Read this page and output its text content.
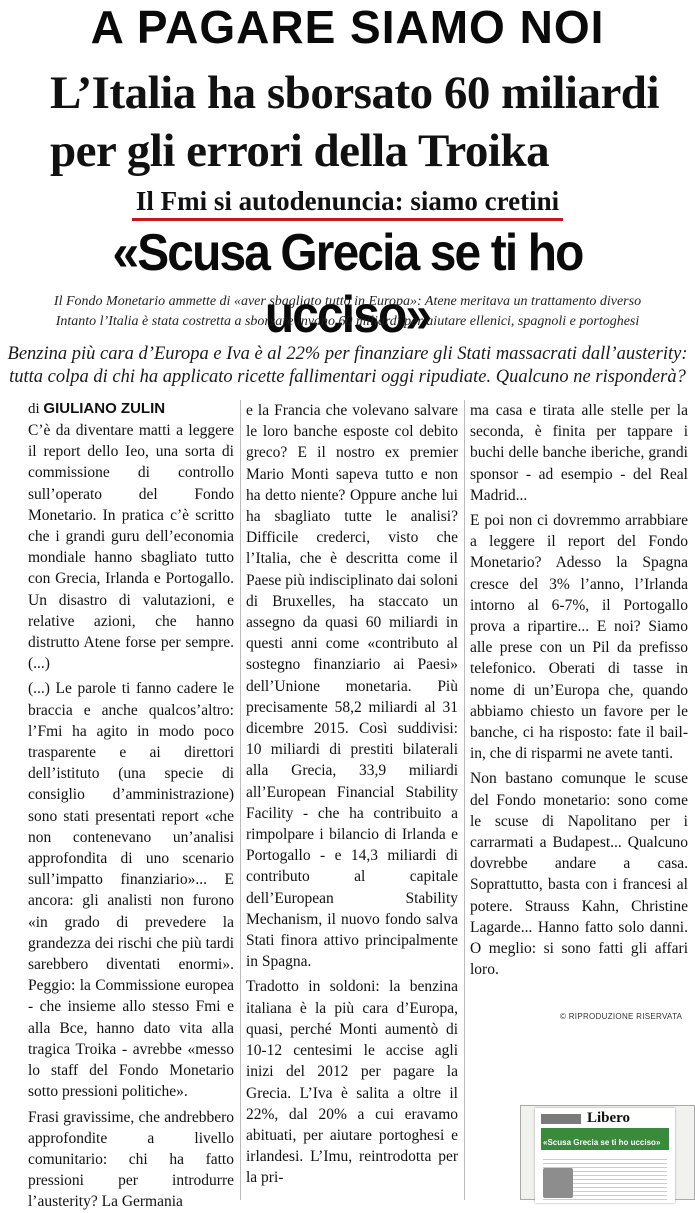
A PAGARE SIAMO NOI
L’Italia ha sborsato 60 miliardi
per gli errori della Troika
Il Fmi si autodenuncia: siamo cretini
«Scusa Grecia se ti ho ucciso»
Il Fondo Monetario ammette di «aver sbagliato tutto in Europa»: Atene meritava un trattamento diverso
Intanto l’Italia è stata costretta a sborsare invano 60 miliardi per aiutare ellenici, spagnoli e portoghesi
Benzina più cara d’Europa e Iva è al 22% per finanziare gli Stati massacrati dall’austerity:
tutta colpa di chi ha applicato ricette fallimentari oggi ripudiate. Qualcuno ne risponderà?
di GIULIANO ZULIN

C’è da diventare matti a leggere il report dello Ieo, una sorta di commissione di controllo sull’operato del Fondo Monetario. In pratica c’è scritto che i grandi guru dell’economia mondiale hanno sbagliato tutto con Grecia, Irlanda e Portogallo. Un disastro di valutazioni, e relative azioni, che hanno distrutto Atene forse per sempre. (...)

(...) Le parole ti fanno cadere le braccia e anche qualcos’altro: l’Fmi ha agito in modo poco trasparente e ai direttori dell’istituto (una specie di consiglio d’amministrazione) sono stati presentati report «che non contenevano un’analisi approfondita di uno scenario sull’impatto finanziario»... E ancora: gli analisti non furono «in grado di prevedere la grandezza dei rischi che più tardi sarebbero diventati enormi». Peggio: la Commissione europea - che insieme allo stesso Fmi e alla Bce, hanno dato vita alla tragica Troika - avrebbe «messo lo staff del Fondo Monetario sotto pressioni politiche».

Frasi gravissime, che andrebbero approfondite a livello comunitario: chi ha fatto pressioni per introdurre l’austerity? La Germania

e la Francia che volevano salvare le loro banche esposte col debito greco? E il nostro ex premier Mario Monti sapeva tutto e non ha detto niente? Oppure anche lui ha sbagliato tutte le analisi? Difficile crederci, visto che l’Italia, che è descritta come il Paese più indisciplinato dai soloni di Bruxelles, ha staccato un assegno da quasi 60 miliardi in questi anni come «contributo al sostegno finanziario ai Paesi» dell’Unione monetaria. Più precisamente 58,2 miliardi al 31 dicembre 2015. Così suddivisi: 10 miliardi di prestiti bilaterali alla Grecia, 33,9 miliardi all’European Financial Stability Facility - che ha contribuito a rimpolpare i bilancio di Irlanda e Portogallo - e 14,3 miliardi di contributo al capitale dell’European Stability Mechanism, il nuovo fondo salva Stati finora attivo principalmente in Spagna.

Tradotto in soldoni: la benzina italiana è la più cara d’Europa, quasi, perché Monti aumentò di 10-12 centesimi le accise agli inizi del 2012 per pagare la Grecia. L’Iva è salita a oltre il 22%, dal 20% a cui eravamo abituati, per aiutare portoghesi e irlandesi. L’Imu, reintrodotta per la pri-

ma casa e tirata alle stelle per la seconda, è finita per tappare i buchi delle banche iberiche, grandi sponsor - ad esempio - del Real Madrid...

E poi non ci dovremmo arrabbiare a leggere il report del Fondo Monetario? Adesso la Spagna cresce del 3% l’anno, l’Irlanda intorno al 6-7%, il Portogallo prova a ripartire... E noi? Siamo alle prese con un Pil da prefisso telefonico. Oberati di tasse in nome di un’Europa che, quando abbiamo chiesto un favore per le banche, ci ha risposto: fate il bail-in, che di risparmi ne avete tanti.

Non bastano comunque le scuse del Fondo monetario: sono come le scuse di Napolitano per i carrarmati a Budapest... Qualcuno dovrebbe andare a casa. Soprattutto, basta con i francesi al potere. Strauss Kahn, Christine Lagarde... Hanno fatto solo danni. O meglio: si sono fatti gli affari loro.

© RIPRODUZIONE RISERVATA
Libero
«Scusa Grecia se ti ho ucciso»
